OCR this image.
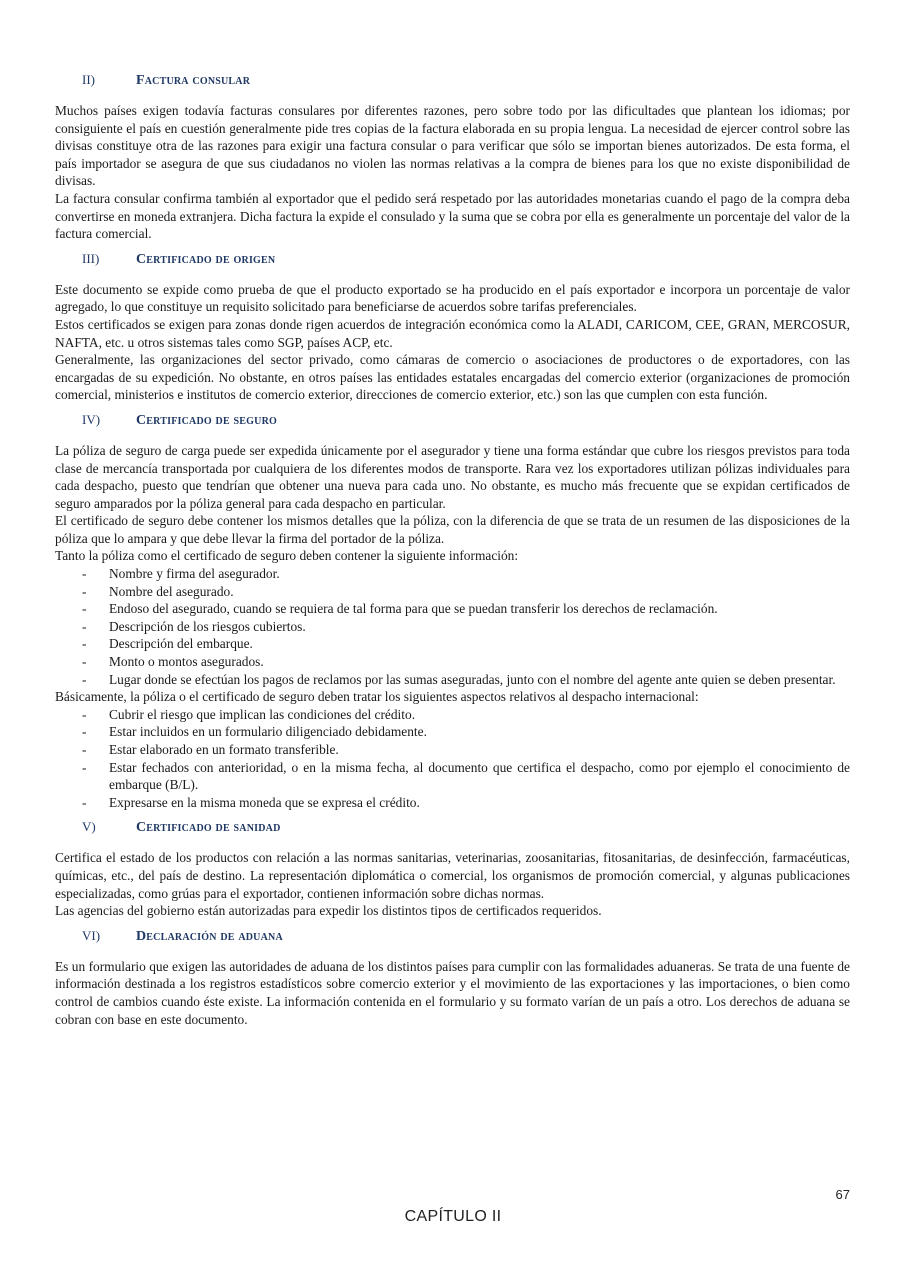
II)	Factura consular

Muchos países exigen todavía facturas consulares por diferentes razones, pero sobre todo por las dificultades que plantean los idiomas; por consiguiente el país en cuestión generalmente pide tres copias de la factura elaborada en su propia lengua. La necesidad de ejercer control sobre las divisas constituye otra de las razones para exigir una factura consular o para verificar que sólo se importan bienes autorizados. De esta forma, el país importador se asegura de que sus ciudadanos no violen las normas relativas a la compra de bienes para los que no existe disponibilidad de divisas.

La factura consular confirma también al exportador que el pedido será respetado por las autoridades monetarias cuando el pago de la compra deba convertirse en moneda extranjera. Dicha factura la expide el consulado y la suma que se cobra por ella es generalmente un porcentaje del valor de la factura comercial.

III)	Certificado de origen

Este documento se expide como prueba de que el producto exportado se ha producido en el país exportador e incorpora un porcentaje de valor agregado, lo que constituye un requisito solicitado para beneficiarse de acuerdos sobre tarifas preferenciales.

Estos certificados se exigen para zonas donde rigen acuerdos de integración económica como la ALADI, CARICOM, CEE, GRAN, MERCOSUR, NAFTA, etc. u otros sistemas tales como SGP, países ACP, etc.

Generalmente, las organizaciones del sector privado, como cámaras de comercio o asociaciones de productores o de exportadores, con las encargadas de su expedición. No obstante, en otros países las entidades estatales encargadas del comercio exterior (organizaciones de promoción comercial, ministerios e institutos de comercio exterior, direcciones de comercio exterior, etc.) son las que cumplen con esta función.

IV)	Certificado de seguro

La póliza de seguro de carga puede ser expedida únicamente por el asegurador y tiene una forma estándar que cubre los riesgos previstos para toda clase de mercancía transportada por cualquiera de los diferentes modos de transporte. Rara vez los exportadores utilizan pólizas individuales para cada despacho, puesto que tendrían que obtener una nueva para cada uno. No obstante, es mucho más frecuente que se expidan certificados de seguro amparados por la póliza general para cada despacho en particular.

El certificado de seguro debe contener los mismos detalles que la póliza, con la diferencia de que se trata de un resumen de las disposiciones de la póliza que lo ampara y que debe llevar la firma del portador de la póliza.

Tanto la póliza como el certificado de seguro deben contener la siguiente información:

- Nombre y firma del asegurador.
- Nombre del asegurado.
- Endoso del asegurado, cuando se requiera de tal forma para que se puedan transferir los derechos de reclamación.
- Descripción de los riesgos cubiertos.
- Descripción del embarque.
- Monto o montos asegurados.
- Lugar donde se efectúan los pagos de reclamos por las sumas aseguradas, junto con el nombre del agente ante quien se deben presentar.

Básicamente, la póliza o el certificado de seguro deben tratar los siguientes aspectos relativos al despacho internacional:

- Cubrir el riesgo que implican las condiciones del crédito.
- Estar incluidos en un formulario diligenciado debidamente.
- Estar elaborado en un formato transferible.
- Estar fechados con anterioridad, o en la misma fecha, al documento que certifica el despacho, como por ejemplo el conocimiento de embarque (B/L).
- Expresarse en la misma moneda que se expresa el crédito.
V)	Certificado de sanidad

Certifica el estado de los productos con relación a las normas sanitarias, veterinarias, zoosanitarias, fitosanitarias, de desinfección, farmacéuticas, químicas, etc., del país de destino. La representación diplomática o comercial, los organismos de promoción comercial, y algunas publicaciones especializadas, como grúas para el exportador, contienen información sobre dichas normas.

Las agencias del gobierno están autorizadas para expedir los distintos tipos de certificados requeridos.

VI)	Declaración de aduana

Es un formulario que exigen las autoridades de aduana de los distintos países para cumplir con las formalidades aduaneras. Se trata de una fuente de información destinada a los registros estadísticos sobre comercio exterior y el movimiento de las exportaciones y las importaciones, o bien como control de cambios cuando éste existe. La información contenida en el formulario y su formato varían de un país a otro. Los derechos de aduana se cobran con base en este documento.

67
CAPÍTULO II
